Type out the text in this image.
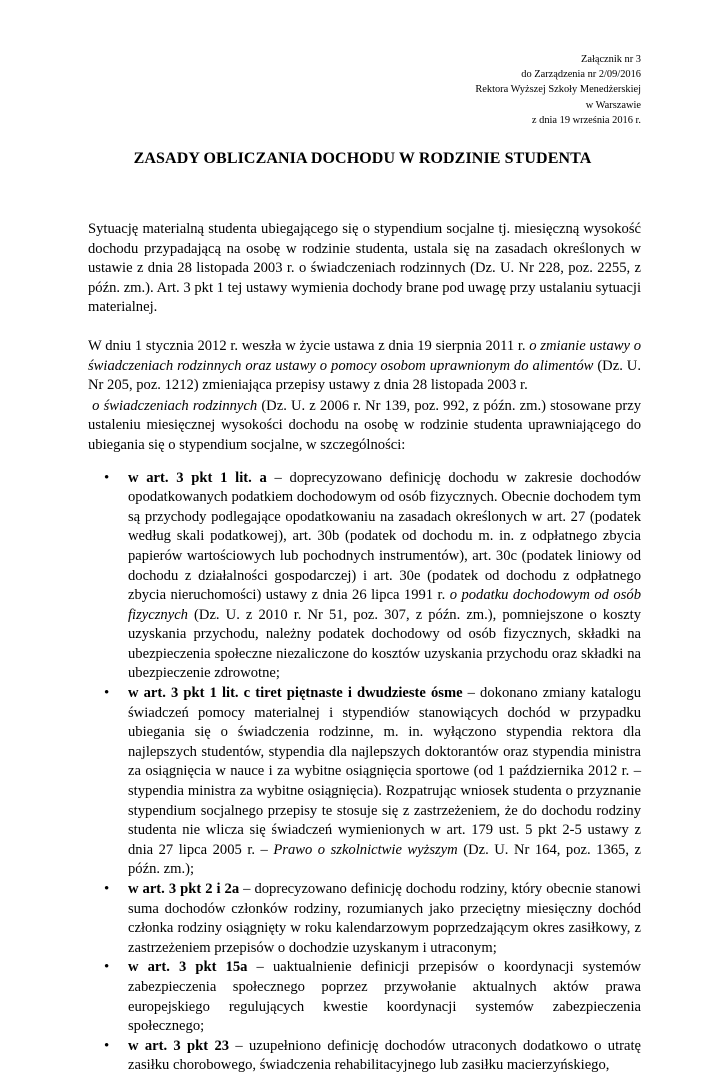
Załącznik nr 3
do Zarządzenia nr 2/09/2016
Rektora Wyższej Szkoły Menedżerskiej
w Warszawie
z dnia 19 września 2016 r.
ZASADY OBLICZANIA DOCHODU W RODZINIE STUDENTA

Sytuację materialną studenta ubiegającego się o stypendium socjalne tj. miesięczną wysokość dochodu przypadającą na osobę w rodzinie studenta, ustala się na zasadach określonych w ustawie z dnia 28 listopada 2003 r. o świadczeniach rodzinnych (Dz. U. Nr 228, poz. 2255, z późn. zm.). Art. 3 pkt 1 tej ustawy wymienia dochody brane pod uwagę przy ustalaniu sytuacji materialnej.

W dniu 1 stycznia 2012 r. weszła w życie ustawa z dnia 19 sierpnia 2011 r. o zmianie ustawy o świadczeniach rodzinnych oraz ustawy o pomocy osobom uprawnionym do alimentów (Dz. U. Nr 205, poz. 1212) zmieniająca przepisy ustawy z dnia 28 listopada 2003 r.

o świadczeniach rodzinnych (Dz. U. z 2006 r. Nr 139, poz. 992, z późn. zm.) stosowane przy ustaleniu miesięcznej wysokości dochodu na osobę w rodzinie studenta uprawniającego do ubiegania się o stypendium socjalne, w szczególności:

• w art. 3 pkt 1 lit. a – doprecyzowano definicję dochodu w zakresie dochodów opodatkowanych podatkiem dochodowym od osób fizycznych. Obecnie dochodem tym są przychody podlegające opodatkowaniu na zasadach określonych w art. 27 (podatek według skali podatkowej), art. 30b (podatek od dochodu m. in. z odpłatnego zbycia papierów wartościowych lub pochodnych instrumentów), art. 30c (podatek liniowy od dochodu z działalności gospodarczej) i art. 30e (podatek od dochodu z odpłatnego zbycia nieruchomości) ustawy z dnia 26 lipca 1991 r. o podatku dochodowym od osób fizycznych (Dz. U. z 2010 r. Nr 51, poz. 307, z późn. zm.), pomniejszone o koszty uzyskania przychodu, należny podatek dochodowy od osób fizycznych, składki na ubezpieczenia społeczne niezaliczone do kosztów uzyskania przychodu oraz składki na ubezpieczenie zdrowotne;
• w art. 3 pkt 1 lit. c tiret piętnaste i dwudzieste ósme – dokonano zmiany katalogu świadczeń pomocy materialnej i stypendiów stanowiących dochód w przypadku ubiegania się o świadczenia rodzinne, m. in. wyłączono stypendia rektora dla najlepszych studentów, stypendia dla najlepszych doktorantów oraz stypendia ministra za osiągnięcia w nauce i za wybitne osiągnięcia sportowe (od 1 października 2012 r. – stypendia ministra za wybitne osiągnięcia). Rozpatrując wniosek studenta o przyznanie stypendium socjalnego przepisy te stosuje się z zastrzeżeniem, że do dochodu rodziny studenta nie wlicza się świadczeń wymienionych w art. 179 ust. 5 pkt 2-5 ustawy z dnia 27 lipca 2005 r. – Prawo o szkolnictwie wyższym (Dz. U. Nr 164, poz. 1365, z późn. zm.);
• w art. 3 pkt 2 i 2a – doprecyzowano definicję dochodu rodziny, który obecnie stanowi suma dochodów członków rodziny, rozumianych jako przeciętny miesięczny dochód członka rodziny osiągnięty w roku kalendarzowym poprzedzającym okres zasiłkowy, z zastrzeżeniem przepisów o dochodzie uzyskanym i utraconym;
• w art. 3 pkt 15a – uaktualnienie definicji przepisów o koordynacji systemów zabezpieczenia społecznego poprzez przywołanie aktualnych aktów prawa europejskiego regulujących kwestie koordynacji systemów zabezpieczenia społecznego;
• w art. 3 pkt 23 – uzupełniono definicję dochodów utraconych dodatkowo o utratę zasiłku chorobowego, świadczenia rehabilitacyjnego lub zasiłku macierzyńskiego,
